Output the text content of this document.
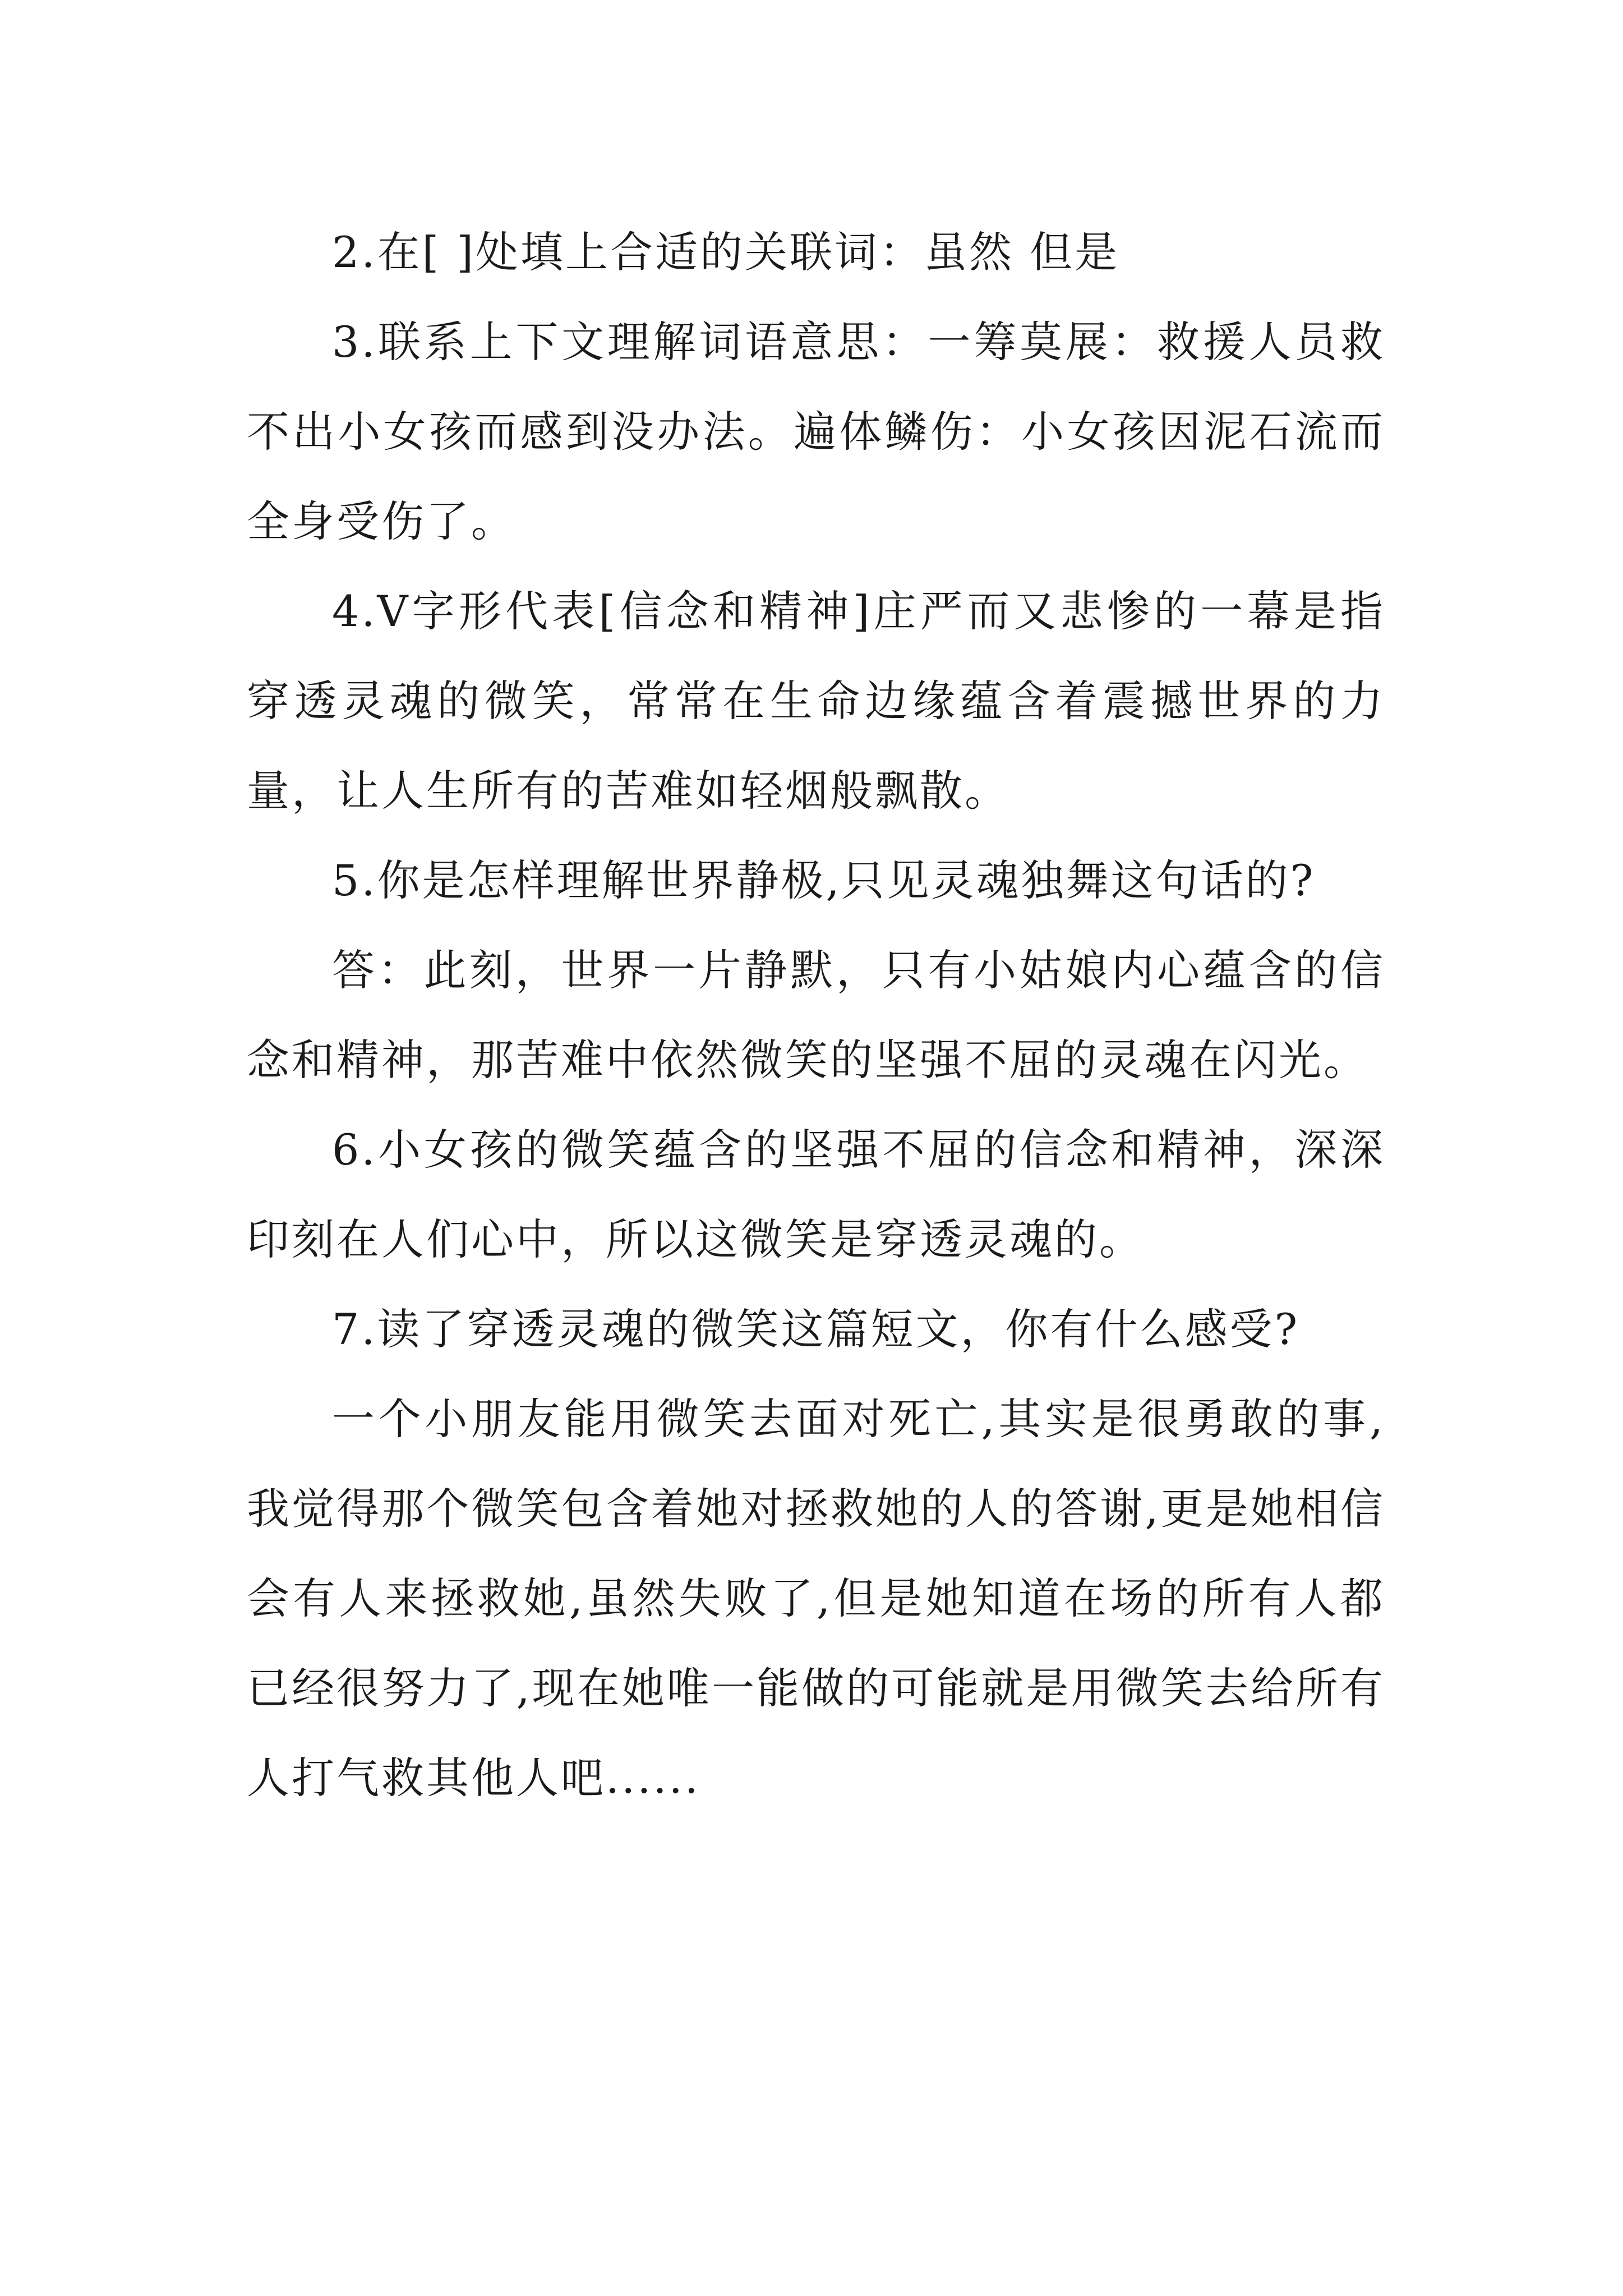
2.在[ ]处填上合适的关联词：虽然 但是

3.联系上下文理解词语意思：一筹莫展：救援人员救不出小女孩而感到没办法。遍体鳞伤：小女孩因泥石流而全身受伤了。

4.V字形代表[信念和精神]庄严而又悲惨的一幕是指穿透灵魂的微笑，常常在生命边缘蕴含着震撼世界的力量，让人生所有的苦难如轻烟般飘散。

5.你是怎样理解世界静极,只见灵魂独舞这句话的?

答：此刻，世界一片静默，只有小姑娘内心蕴含的信念和精神，那苦难中依然微笑的坚强不屈的灵魂在闪光。

6.小女孩的微笑蕴含的坚强不屈的信念和精神，深深印刻在人们心中，所以这微笑是穿透灵魂的。

7.读了穿透灵魂的微笑这篇短文，你有什么感受?

一个小朋友能用微笑去面对死亡,其实是很勇敢的事,我觉得那个微笑包含着她对拯救她的人的答谢,更是她相信会有人来拯救她,虽然失败了,但是她知道在场的所有人都已经很努力了,现在她唯一能做的可能就是用微笑去给所有人打气救其他人吧......
